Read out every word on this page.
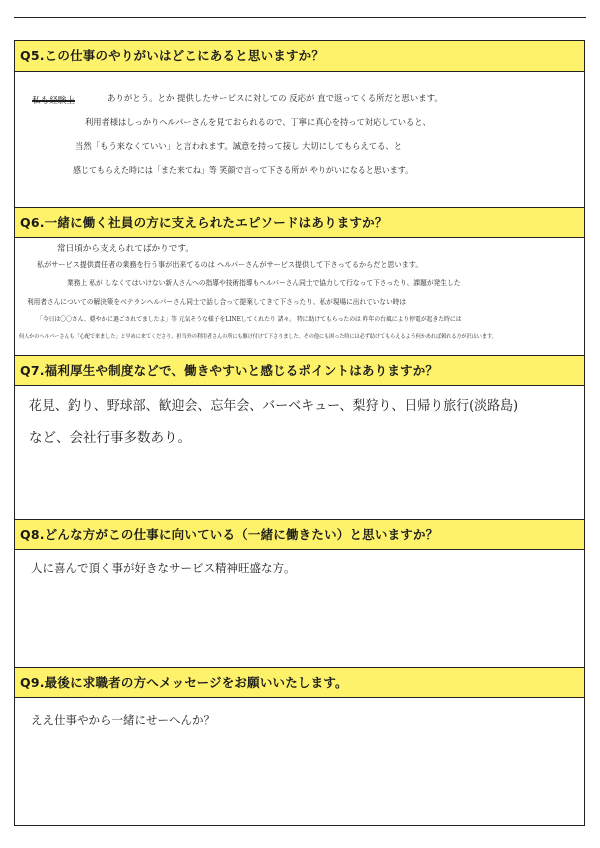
Q5.この仕事のやりがいはどこにあると思いますか？
私も経験上	ありがとう。とか 提供したサービスに対しての 反応が 直で返ってくる所だと思います。
利用者様はしっかりヘルパーさんを見ておられるので、丁寧に真心を持って対応していると、
当然「もう来なくていい」と言われます。誠意を持って接し 大切にしてもらえてる、と
感じてもらえた時には「また来てね」等 笑顔で言って下さる所が やりがいになると思います。
Q6.一緒に働く社員の方に支えられたエピソードはありますか？
常日頃から支えられてばかりです。
私がサービス提供責任者の業務を行う事が出来てるのは ヘルパーさんがサービス提供して下さってるからだと思います。
業務上 私が しなくてはいけない新人さんへの指導や技術指導もヘルパーさん同士で協力して行なって下さったり、課題が発生した
利用者さんについての解決策をベテランヘルパーさん同士で話し合って提案してきて下さったり、私が現場に出れていない時は
「今日は〇〇さん、穏やかに過ごされてましたよ」等 元気そうな様子をLINEしてくれたり 諸々。 特に助けてもらったのは 昨年の台風により停電が起きた時には
何人かのヘルパーさんも「心配で来ました」と早めに来てくださり、担当外の利用者さんの所にも駆け付けて下さりました。その他にも困った時には必ず助けてもらえるよう何かあれば頼れる方が沢山います。
Q7.福利厚生や制度などで、働きやすいと感じるポイントはありますか？
花見、釣り、野球部、歓迎会、忘年会、バーベキュー、梨狩り、日帰り旅行(淡路島)
など、会社行事多数あり。
Q8.どんな方がこの仕事に向いている（一緒に働きたい）と思いますか？
人に喜んで頂く事が好きなサービス精神旺盛な方。
Q9.最後に求職者の方へメッセージをお願いいたします。
ええ仕事やから一緒にせーへんか？
